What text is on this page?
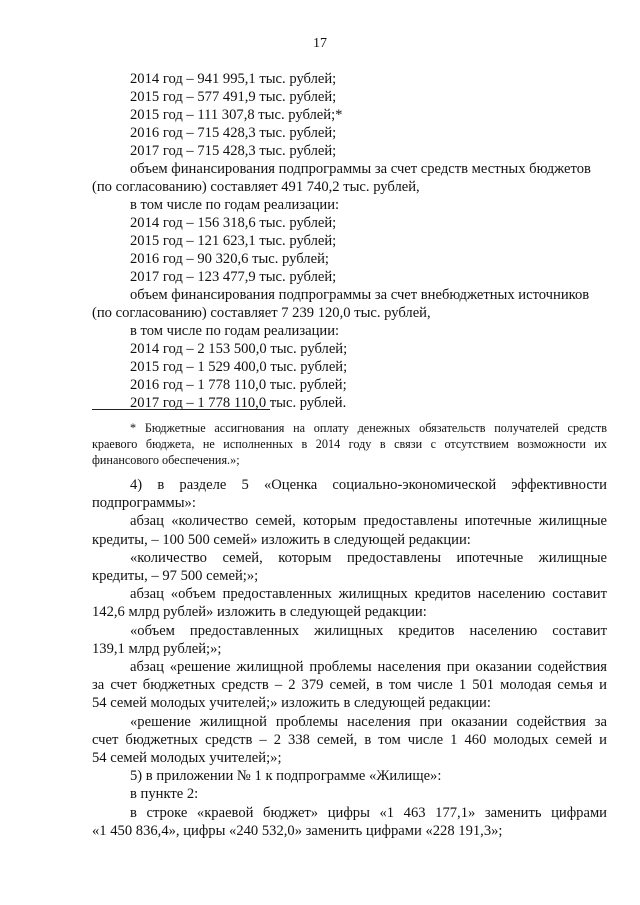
17
2014 год – 941 995,1 тыс. рублей;
2015 год – 577 491,9 тыс. рублей;
2015 год – 111 307,8 тыс. рублей;*
2016 год – 715 428,3 тыс. рублей;
2017 год – 715 428,3 тыс. рублей;
объем финансирования подпрограммы за счет средств местных бюджетов
(по согласованию) составляет 491 740,2 тыс. рублей,
в том числе по годам реализации:
2014 год – 156 318,6 тыс. рублей;
2015 год – 121 623,1 тыс. рублей;
2016 год – 90 320,6 тыс. рублей;
2017 год – 123 477,9 тыс. рублей;
объем финансирования подпрограммы за счет внебюджетных источников
(по согласованию) составляет 7 239 120,0 тыс. рублей,
в том числе по годам реализации:
2014 год – 2 153 500,0 тыс. рублей;
2015 год – 1 529 400,0 тыс. рублей;
2016 год – 1 778 110,0 тыс. рублей;
2017 год – 1 778 110,0 тыс. рублей.
* Бюджетные ассигнования на оплату денежных обязательств получателей средств
краевого бюджета, не исполненных в 2014 году в связи с отсутствием возможности их
финансового обеспечения.»;
4) в разделе 5 «Оценка социально-экономической эффективности
подпрограммы»:
абзац «количество семей, которым предоставлены ипотечные жилищные
кредиты, – 100 500 семей» изложить в следующей редакции:
«количество семей, которым предоставлены ипотечные жилищные
кредиты, – 97 500 семей;»;
абзац «объем предоставленных жилищных кредитов населению составит
142,6 млрд рублей» изложить в следующей редакции:
«объем предоставленных жилищных кредитов населению составит
139,1 млрд рублей;»;
абзац «решение жилищной проблемы населения при оказании содействия
за счет бюджетных средств – 2 379 семей, в том числе 1 501 молодая семья и
54 семей молодых учителей;» изложить в следующей редакции:
«решение жилищной проблемы населения при оказании содействия за
счет бюджетных средств – 2 338 семей, в том числе 1 460 молодых семей и
54 семей молодых учителей;»;
5) в приложении № 1 к подпрограмме «Жилище»:
в пункте 2:
в строке «краевой бюджет» цифры «1 463 177,1» заменить цифрами
«1 450 836,4», цифры «240 532,0» заменить цифрами «228 191,3»;
